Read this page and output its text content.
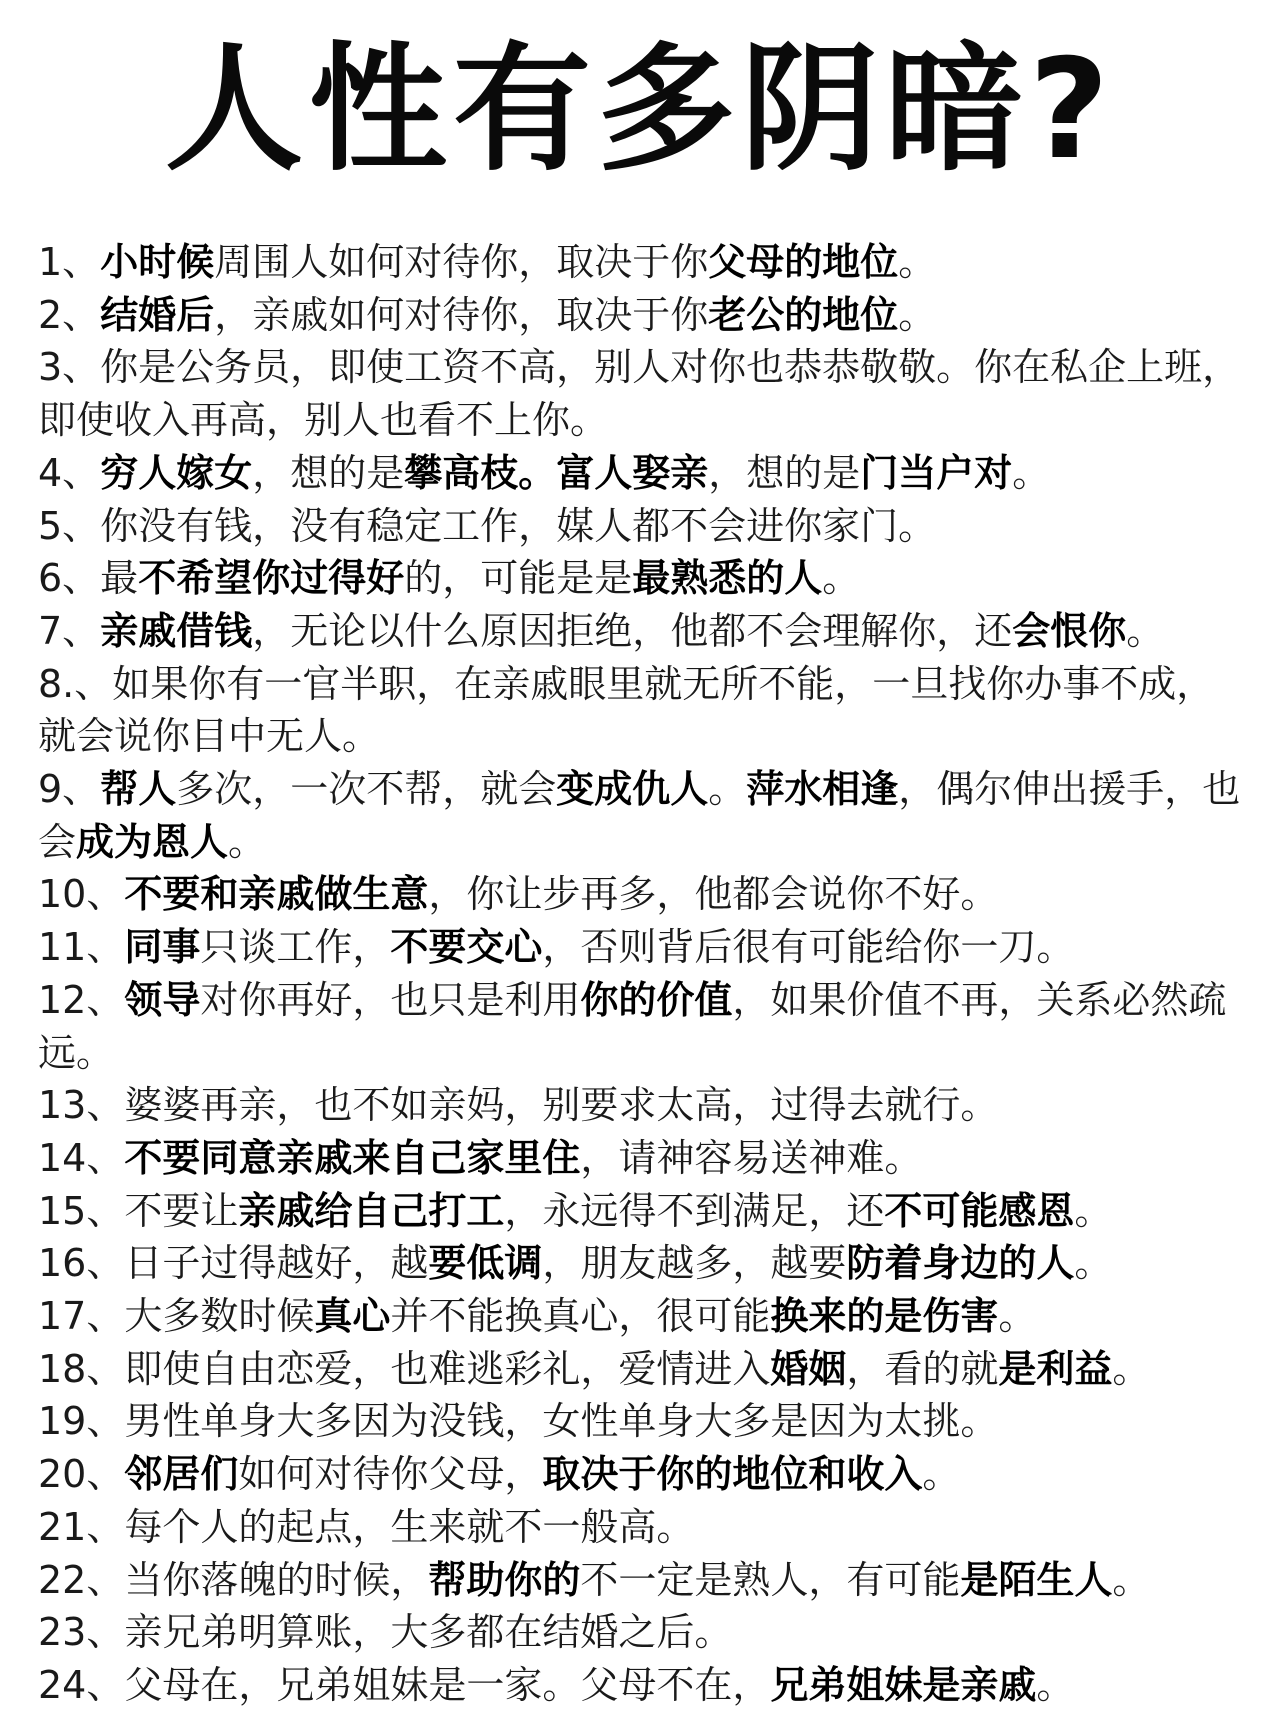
人性有多阴暗?
1、小时候周围人如何对待你，取决于你父母的地位。
2、结婚后，亲戚如何对待你，取决于你老公的地位。
3、你是公务员，即使工资不高，别人对你也恭恭敬敬。你在私企上班，即使收入再高，别人也看不上你。
4、穷人嫁女，想的是攀高枝。富人娶亲，想的是门当户对。
5、你没有钱，没有稳定工作，媒人都不会进你家门。
6、最不希望你过得好的，可能是是最熟悉的人。
7、亲戚借钱，无论以什么原因拒绝，他都不会理解你，还会恨你。
8.、如果你有一官半职，在亲戚眼里就无所不能，一旦找你办事不成，就会说你目中无人。
9、帮人多次，一次不帮，就会变成仇人。萍水相逢，偶尔伸出援手，也会成为恩人。
10、不要和亲戚做生意，你让步再多，他都会说你不好。
11、同事只谈工作，不要交心，否则背后很有可能给你一刀。
12、领导对你再好，也只是利用你的价值，如果价值不再，关系必然疏远。
13、婆婆再亲，也不如亲妈，别要求太高，过得去就行。
14、不要同意亲戚来自己家里住，请神容易送神难。
15、不要让亲戚给自己打工，永远得不到满足，还不可能感恩。
16、日子过得越好，越要低调，朋友越多，越要防着身边的人。
17、大多数时候真心并不能换真心，很可能换来的是伤害。
18、即使自由恋爱，也难逃彩礼，爱情进入婚姻，看的就是利益。
19、男性单身大多因为没钱，女性单身大多是因为太挑。
20、邻居们如何对待你父母，取决于你的地位和收入。
21、每个人的起点，生来就不一般高。
22、当你落魄的时候，帮助你的不一定是熟人，有可能是陌生人。
23、亲兄弟明算账，大多都在结婚之后。
24、父母在，兄弟姐妹是一家。父母不在，兄弟姐妹是亲戚。
